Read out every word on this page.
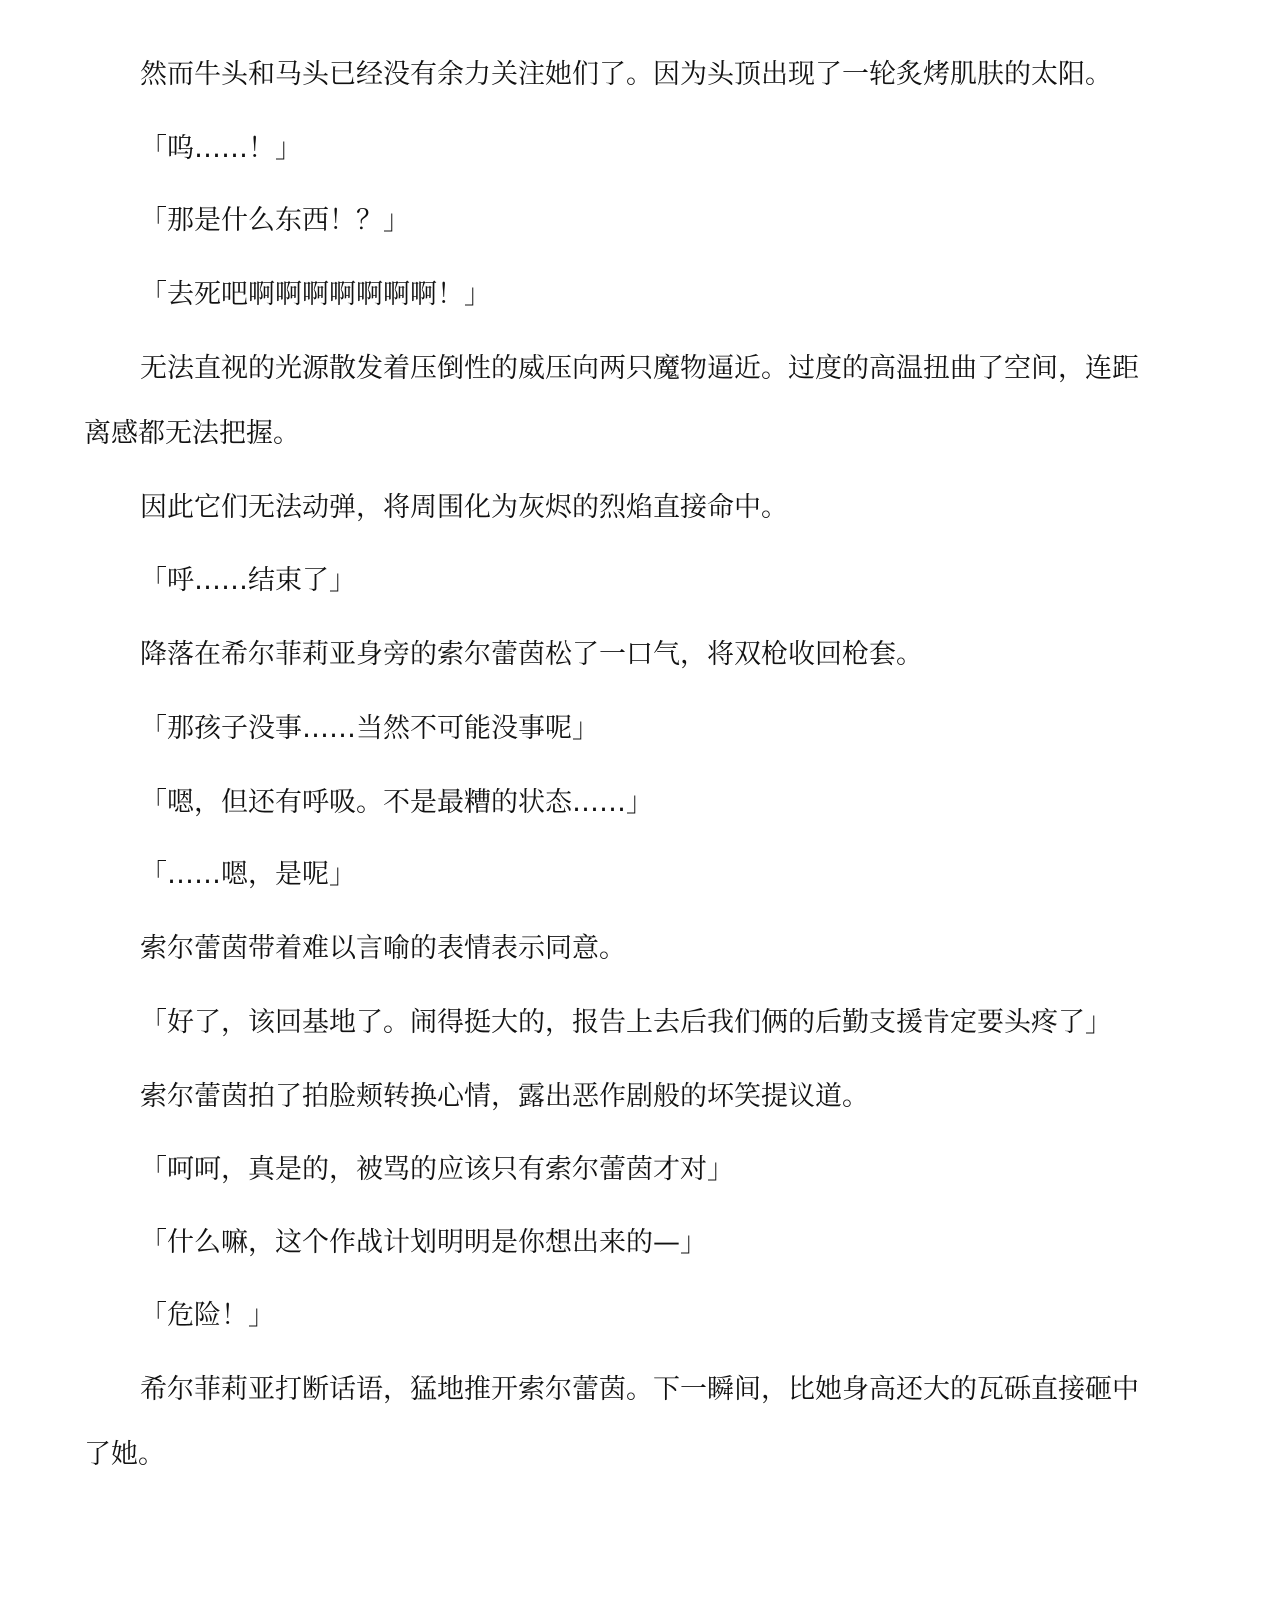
然而牛头和马头已经没有余力关注她们了。因为头顶出现了一轮炙烤肌肤的太阳。

「呜……！」

「那是什么东西！？」

「去死吧啊啊啊啊啊啊啊！」

无法直视的光源散发着压倒性的威压向两只魔物逼近。过度的高温扭曲了空间，连距

离感都无法把握。

因此它们无法动弹，将周围化为灰烬的烈焰直接命中。

「呼……结束了」

降落在希尔菲莉亚身旁的索尔蕾茵松了一口气，将双枪收回枪套。

「那孩子没事……当然不可能没事呢」

「嗯，但还有呼吸。不是最糟的状态……」

「……嗯，是呢」

索尔蕾茵带着难以言喻的表情表示同意。

「好了，该回基地了。闹得挺大的，报告上去后我们俩的后勤支援肯定要头疼了」

索尔蕾茵拍了拍脸颊转换心情，露出恶作剧般的坏笑提议道。

「呵呵，真是的，被骂的应该只有索尔蕾茵才对」

「什么嘛，这个作战计划明明是你想出来的—」

「危险！」

希尔菲莉亚打断话语，猛地推开索尔蕾茵。下一瞬间，比她身高还大的瓦砾直接砸中

了她。
